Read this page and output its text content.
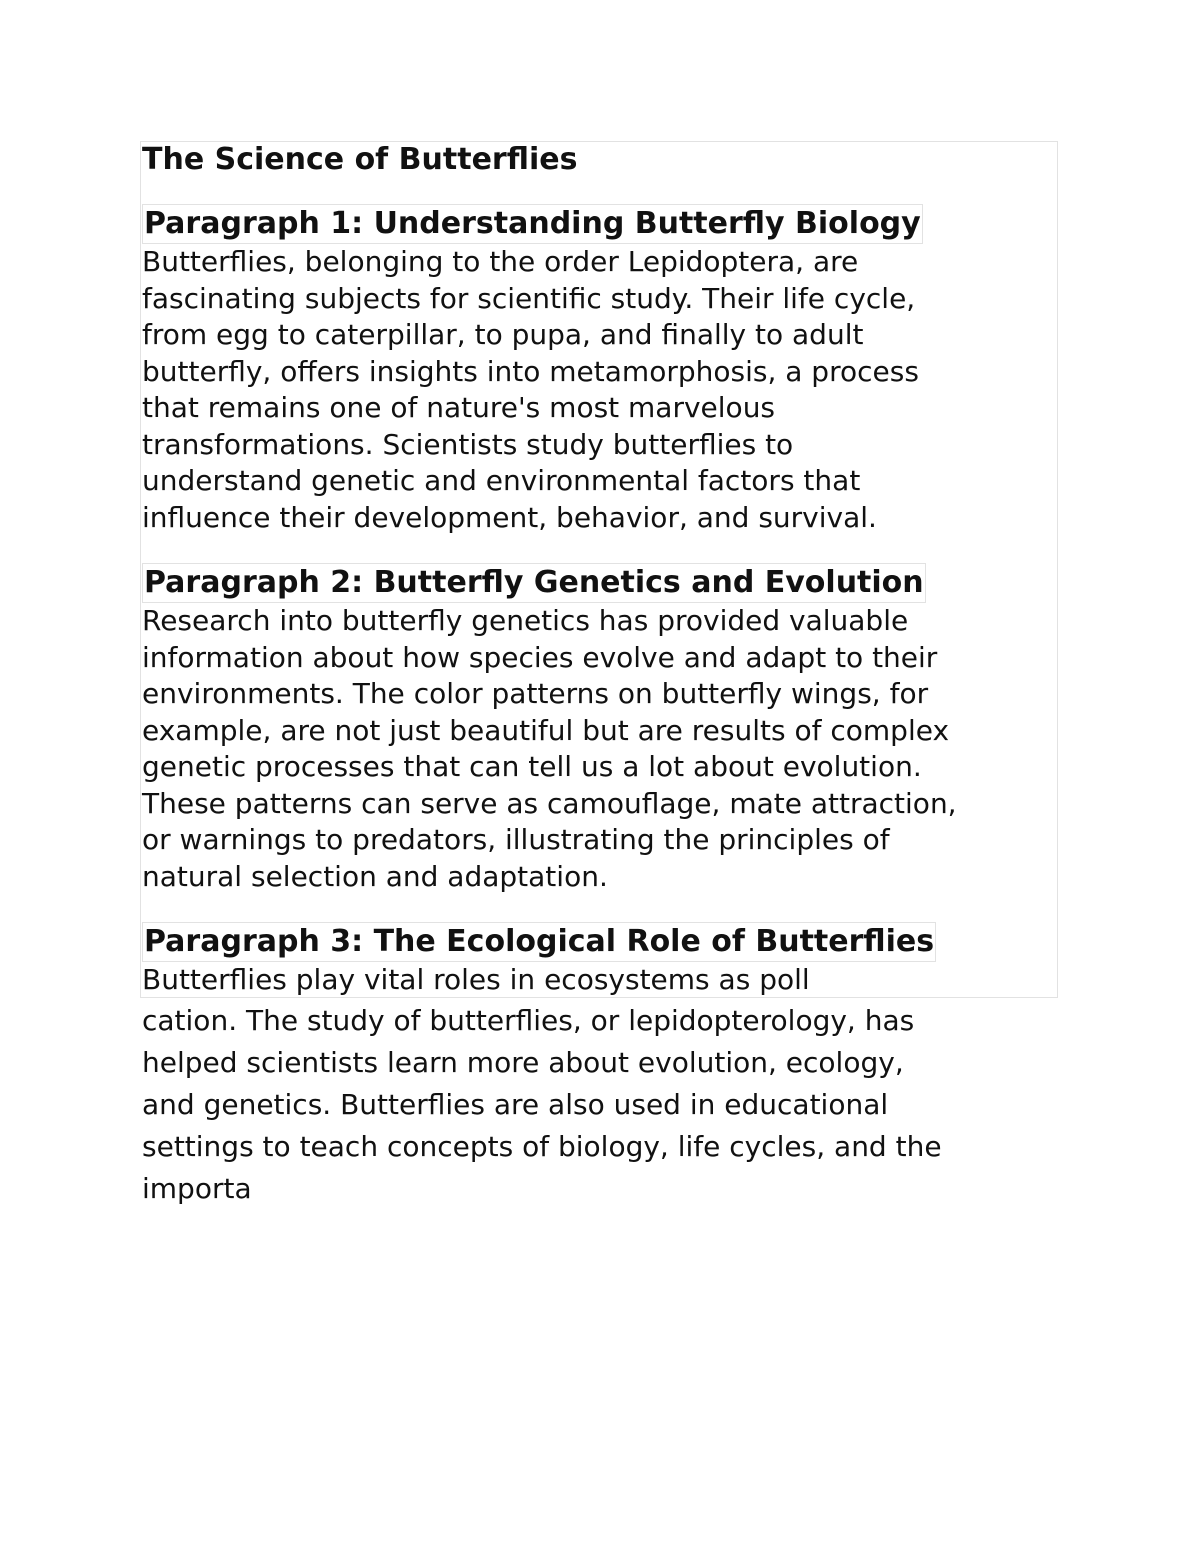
The Science of Butterflies
Paragraph 1: Understanding Butterfly Biology

Butterflies, belonging to the order Lepidoptera, are
fascinating subjects for scientific study. Their life cycle,
from egg to caterpillar, to pupa, and finally to adult
butterfly, offers insights into metamorphosis, a process
that remains one of nature's most marvelous
transformations. Scientists study butterflies to
understand genetic and environmental factors that
influence their development, behavior, and survival.

Paragraph 2: Butterfly Genetics and Evolution

Research into butterfly genetics has provided valuable
information about how species evolve and adapt to their
environments. The color patterns on butterfly wings, for
example, are not just beautiful but are results of complex
genetic processes that can tell us a lot about evolution.
These patterns can serve as camouflage, mate attraction,
or warnings to predators, illustrating the principles of
natural selection and adaptation.

Paragraph 3: The Ecological Role of Butterflies

Butterflies play vital roles in ecosystems as poll

cation. The study of butterflies, or lepidopterology, has
helped scientists learn more about evolution, ecology,
and genetics. Butterflies are also used in educational
settings to teach concepts of biology, life cycles, and the
importa
